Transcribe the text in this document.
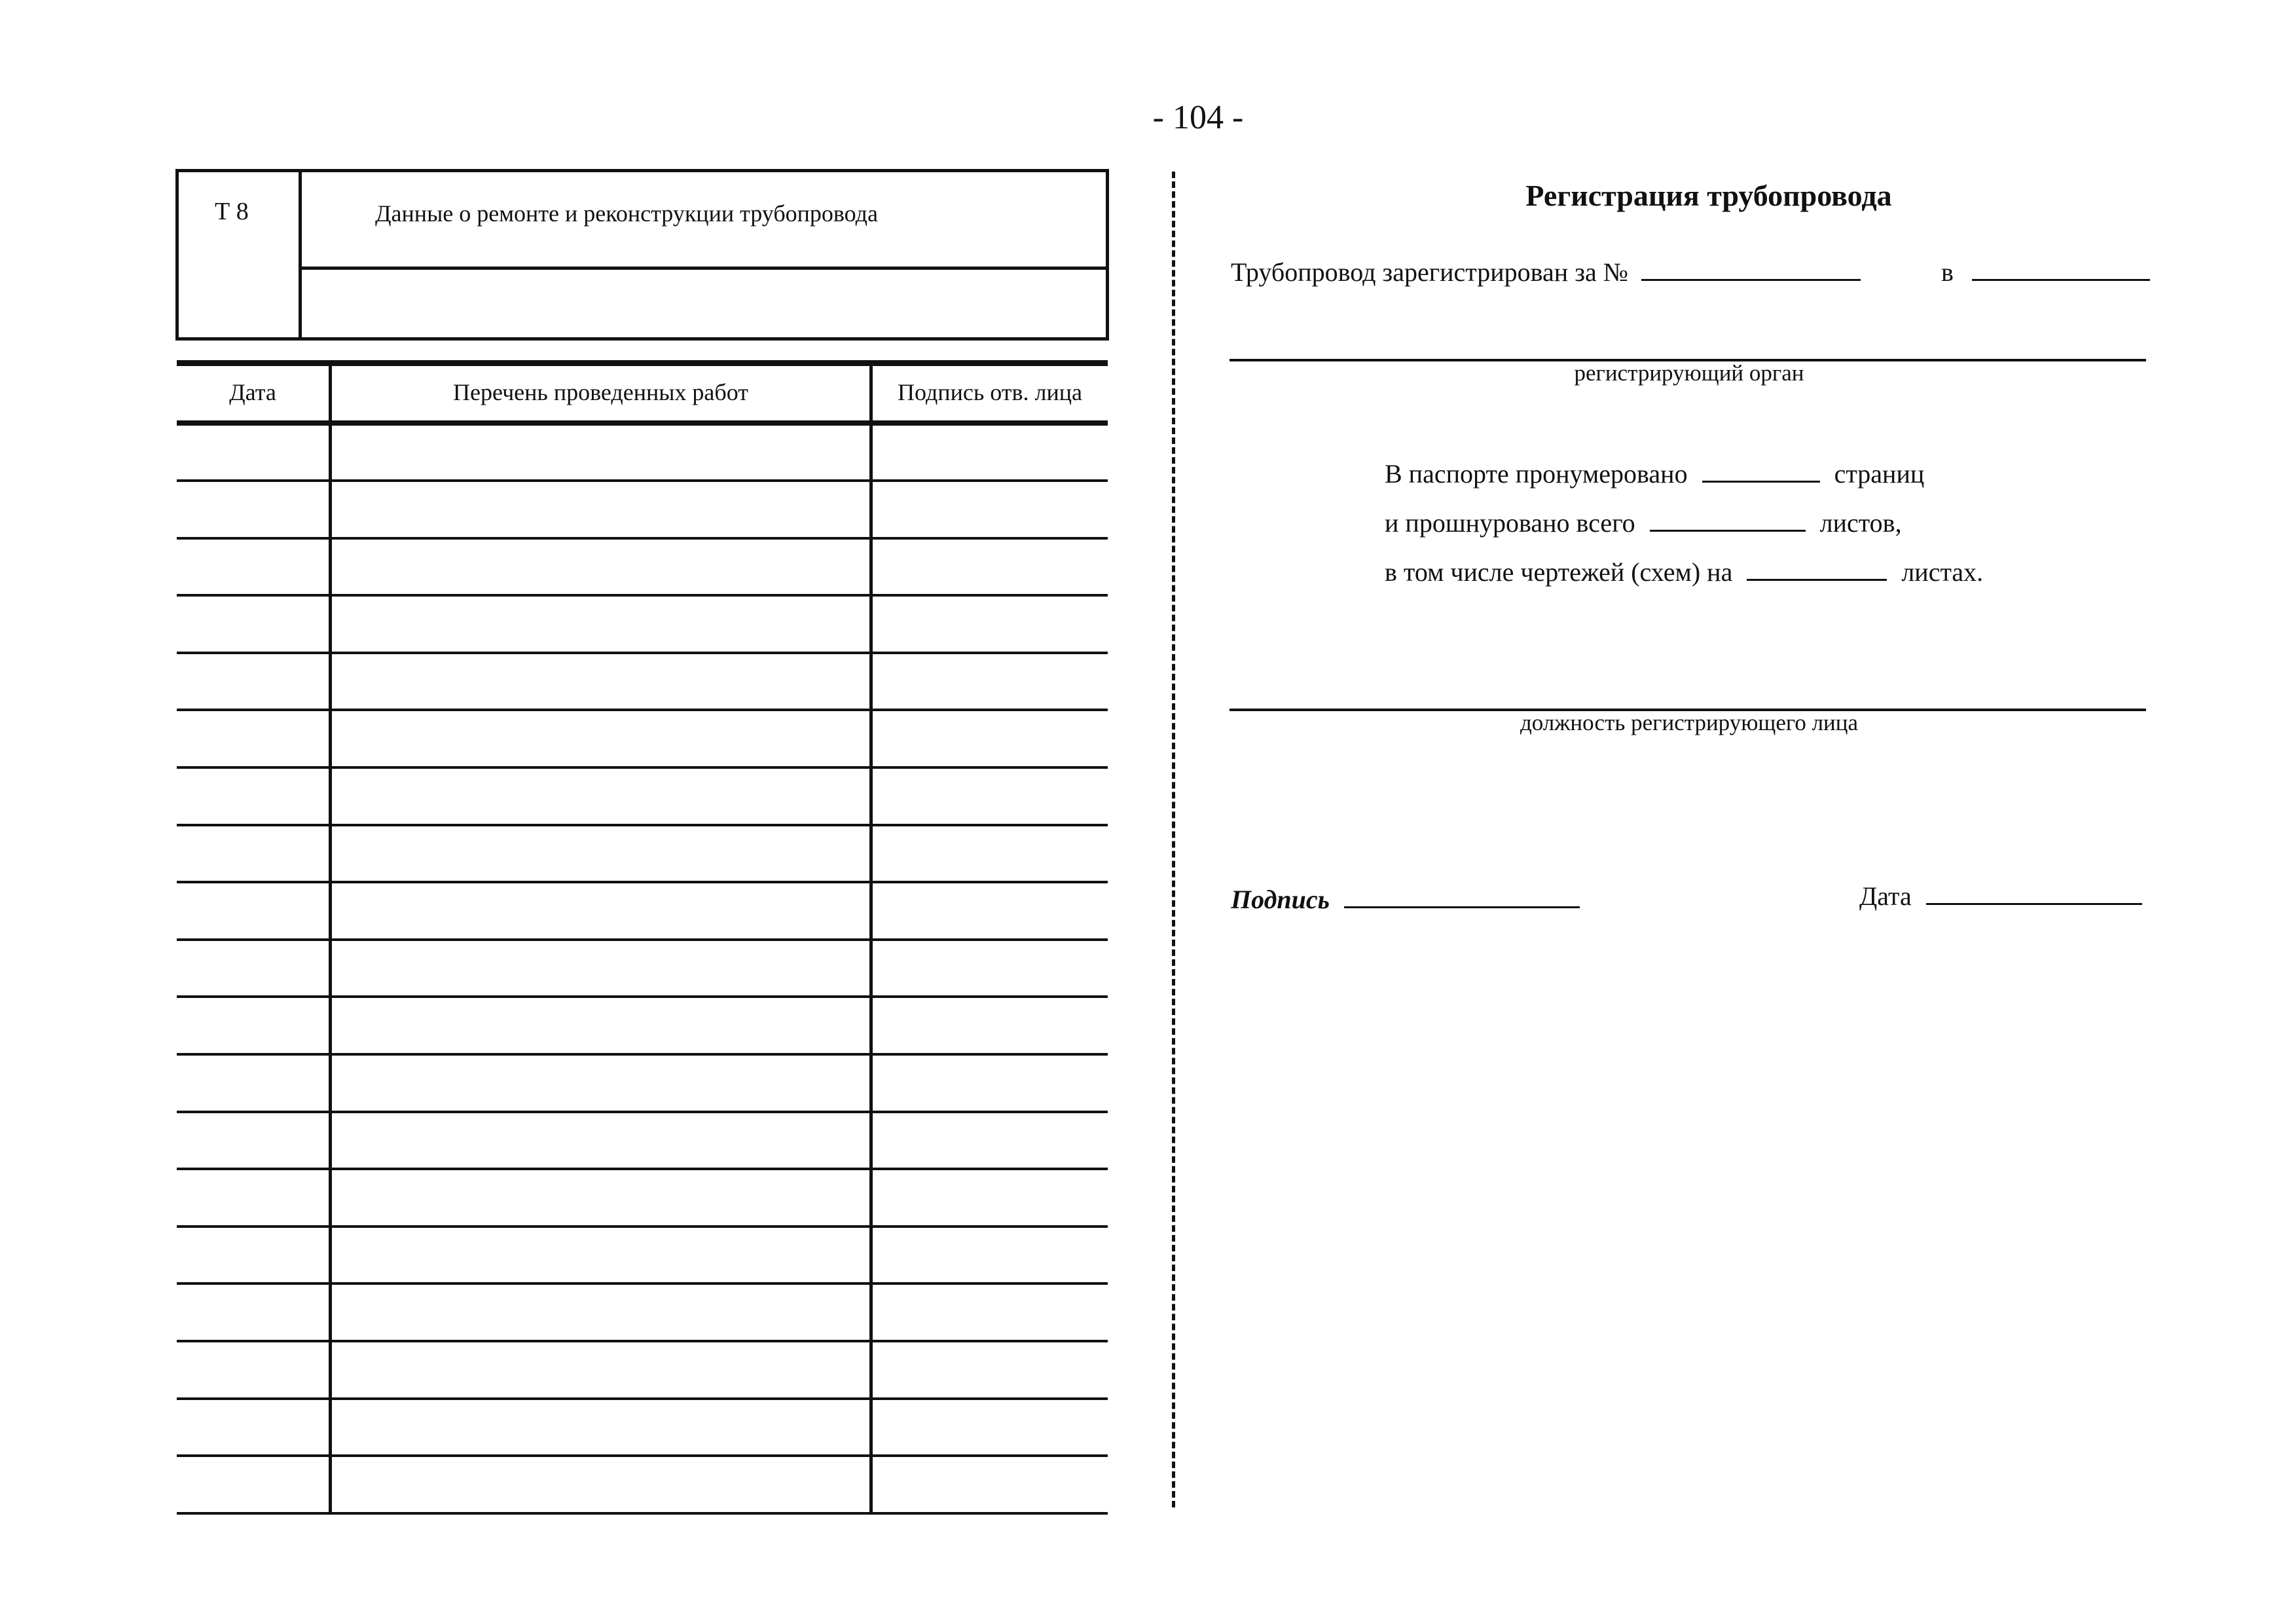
- 104 -
Т 8	Данные о ремонте и реконструкции трубопровода
Дата	Перечень проведенных работ	Подпись отв. лица
Регистрация трубопровода
Трубопровод зарегистрирован за №	в
регистрирующий орган
В паспорте пронумеровано	страниц
и прошнуровано всего	листов,
в том числе чертежей (схем) на	листах.
должность регистрирующего лица
Подпись	Дата
